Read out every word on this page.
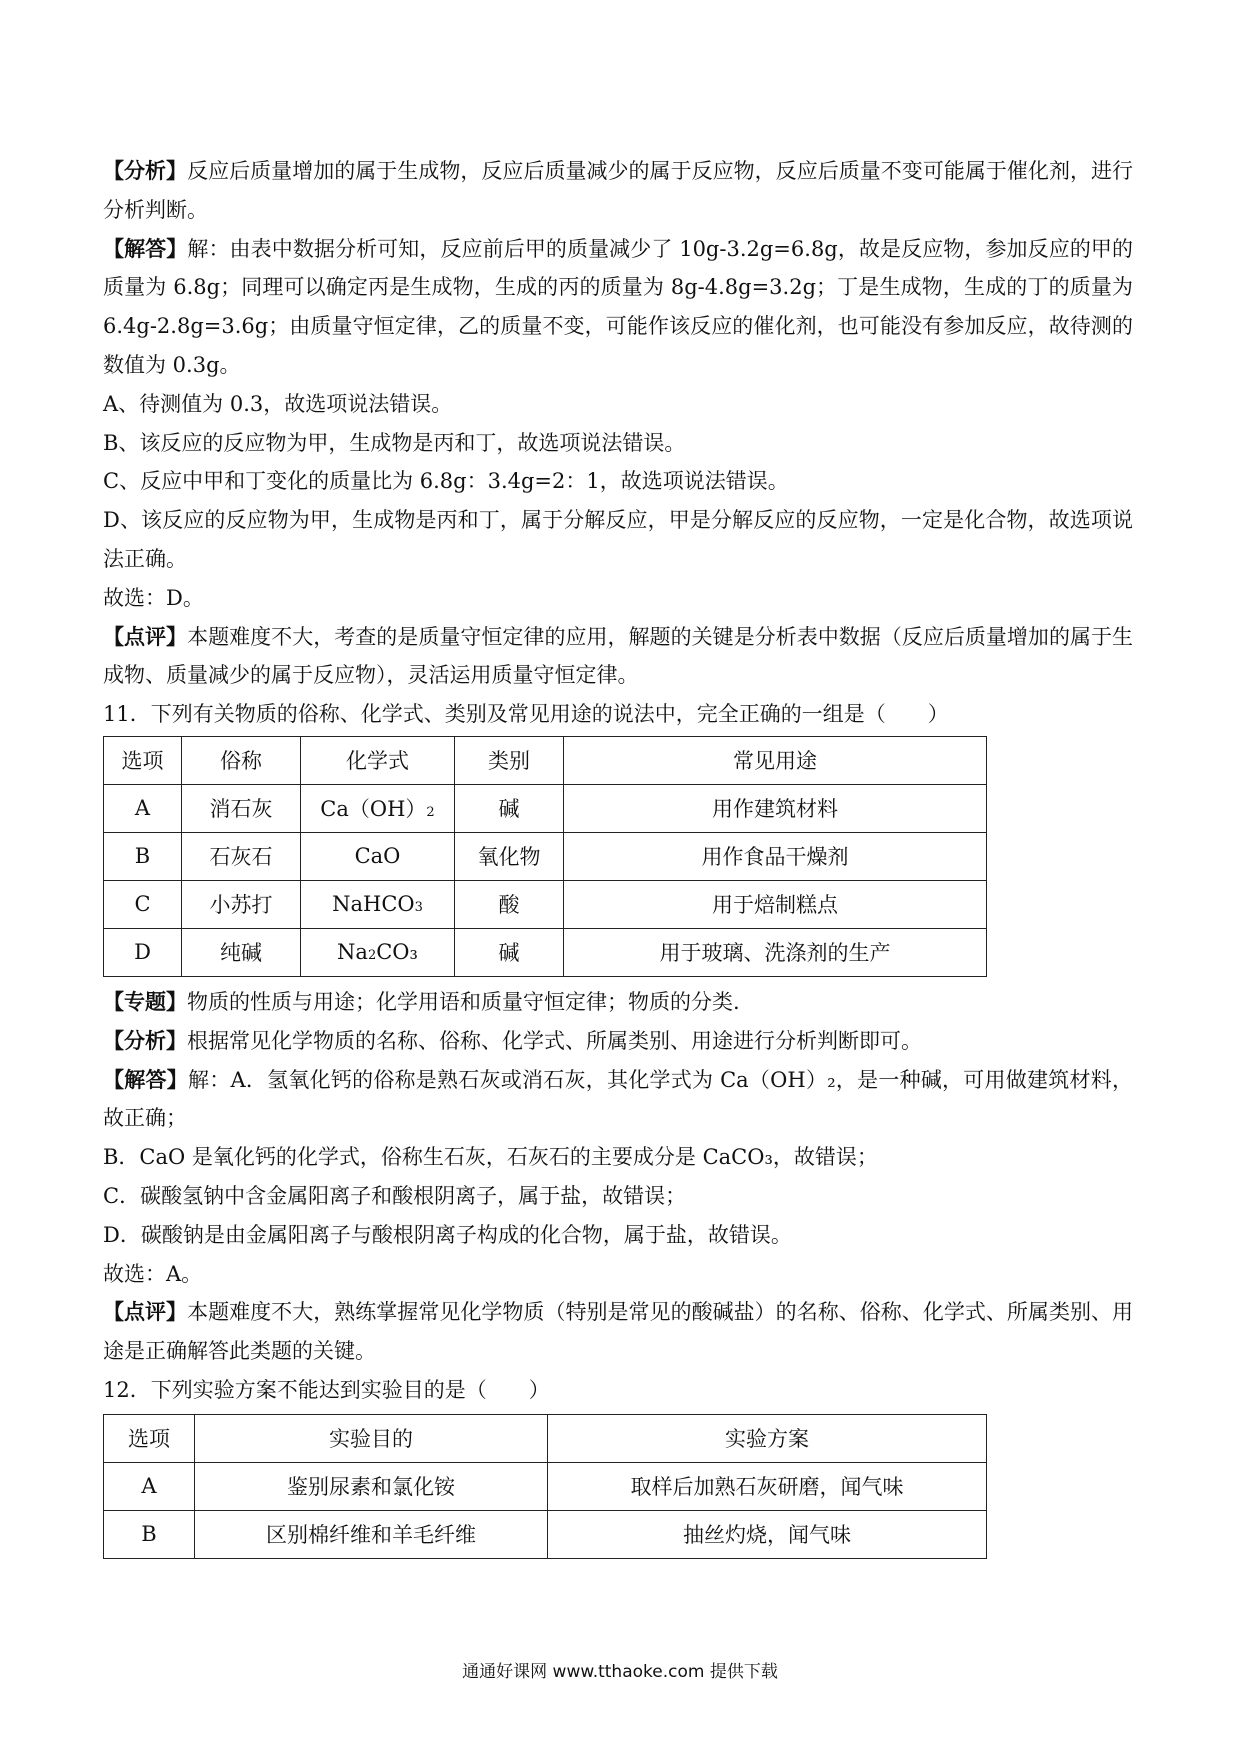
【分析】反应后质量增加的属于生成物，反应后质量减少的属于反应物，反应后质量不变可能属于催化剂，进行分析判断。

【解答】解：由表中数据分析可知，反应前后甲的质量减少了 10g-3.2g=6.8g，故是反应物，参加反应的甲的质量为 6.8g；同理可以确定丙是生成物，生成的丙的质量为 8g-4.8g=3.2g；丁是生成物，生成的丁的质量为 6.4g-2.8g=3.6g；由质量守恒定律，乙的质量不变，可能作该反应的催化剂，也可能没有参加反应，故待测的数值为 0.3g。

A、待测值为 0.3，故选项说法错误。

B、该反应的反应物为甲，生成物是丙和丁，故选项说法错误。

C、反应中甲和丁变化的质量比为 6.8g：3.4g=2：1，故选项说法错误。

D、该反应的反应物为甲，生成物是丙和丁，属于分解反应，甲是分解反应的反应物，一定是化合物，故选项说法正确。

故选：D。

【点评】本题难度不大，考查的是质量守恒定律的应用，解题的关键是分析表中数据（反应后质量增加的属于生成物、质量减少的属于反应物），灵活运用质量守恒定律。

11．下列有关物质的俗称、化学式、类别及常见用途的说法中，完全正确的一组是（　　）

选项	俗称	化学式	类别	常见用途
A	消石灰	Ca（OH）2	碱	用作建筑材料
B	石灰石	CaO	氧化物	用作食品干燥剂
C	小苏打	NaHCO3	酸	用于焙制糕点
D	纯碱	Na2CO₃	碱	用于玻璃、洗涤剂的生产

【专题】物质的性质与用途；化学用语和质量守恒定律；物质的分类.

【分析】根据常见化学物质的名称、俗称、化学式、所属类别、用途进行分析判断即可。

【解答】解：A．氢氧化钙的俗称是熟石灰或消石灰，其化学式为 Ca（OH）₂，是一种碱，可用做建筑材料，故正确；

B．CaO 是氧化钙的化学式，俗称生石灰，石灰石的主要成分是 CaCO₃，故错误；

C．碳酸氢钠中含金属阳离子和酸根阴离子，属于盐，故错误；

D．碳酸钠是由金属阳离子与酸根阴离子构成的化合物，属于盐，故错误。

故选：A。

【点评】本题难度不大，熟练掌握常见化学物质（特别是常见的酸碱盐）的名称、俗称、化学式、所属类别、用途是正确解答此类题的关键。

12．下列实验方案不能达到实验目的是（　　）

选项	实验目的	实验方案
A	鉴别尿素和氯化铵	取样后加熟石灰研磨，闻气味
B	区别棉纤维和羊毛纤维	抽丝灼烧，闻气味
通通好课网 www.tthaoke.com 提供下载
